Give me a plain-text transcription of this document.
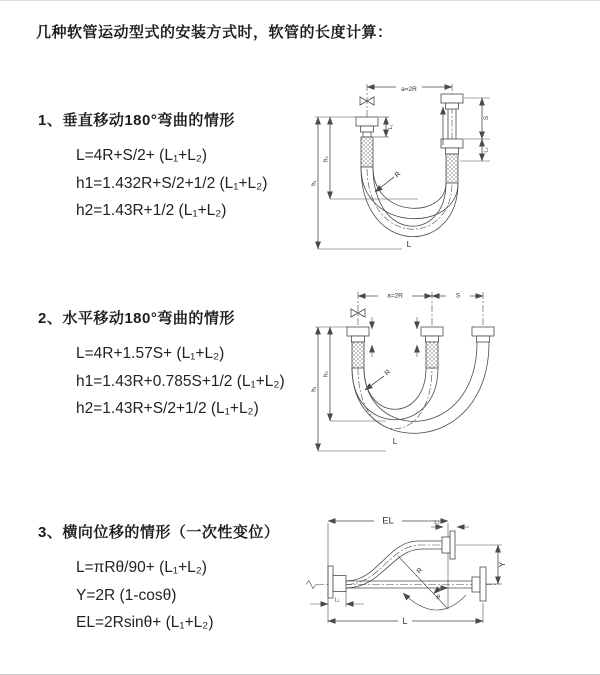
几种软管运动型式的安装方式时，软管的长度计算：
1、垂直移动180°弯曲的情形
L=4R+S/2+ (L₁+L₂)
h1=1.432R+S/2+1/2 (L₁+L₂)
h2=1.43R+1/2 (L₁+L₂)
a=2R
L₁
S
L₂
h₂
h₁
R
L
2、水平移动180°弯曲的情形
L=4R+1.57S+ (L₁+L₂)
h1=1.43R+0.785S+1/2 (L₁+L₂)
h2=1.43R+S/2+1/2 (L₁+L₂)
a=2R	S
h₂
h₁
R
L
3、横向位移的情形（一次性变位）
L=πRθ/90+ (L₁+L₂)
Y=2R (1-cosθ)
EL=2Rsinθ+ (L₁+L₂)
EL	L₂
Y
θ
R
L₁
L
